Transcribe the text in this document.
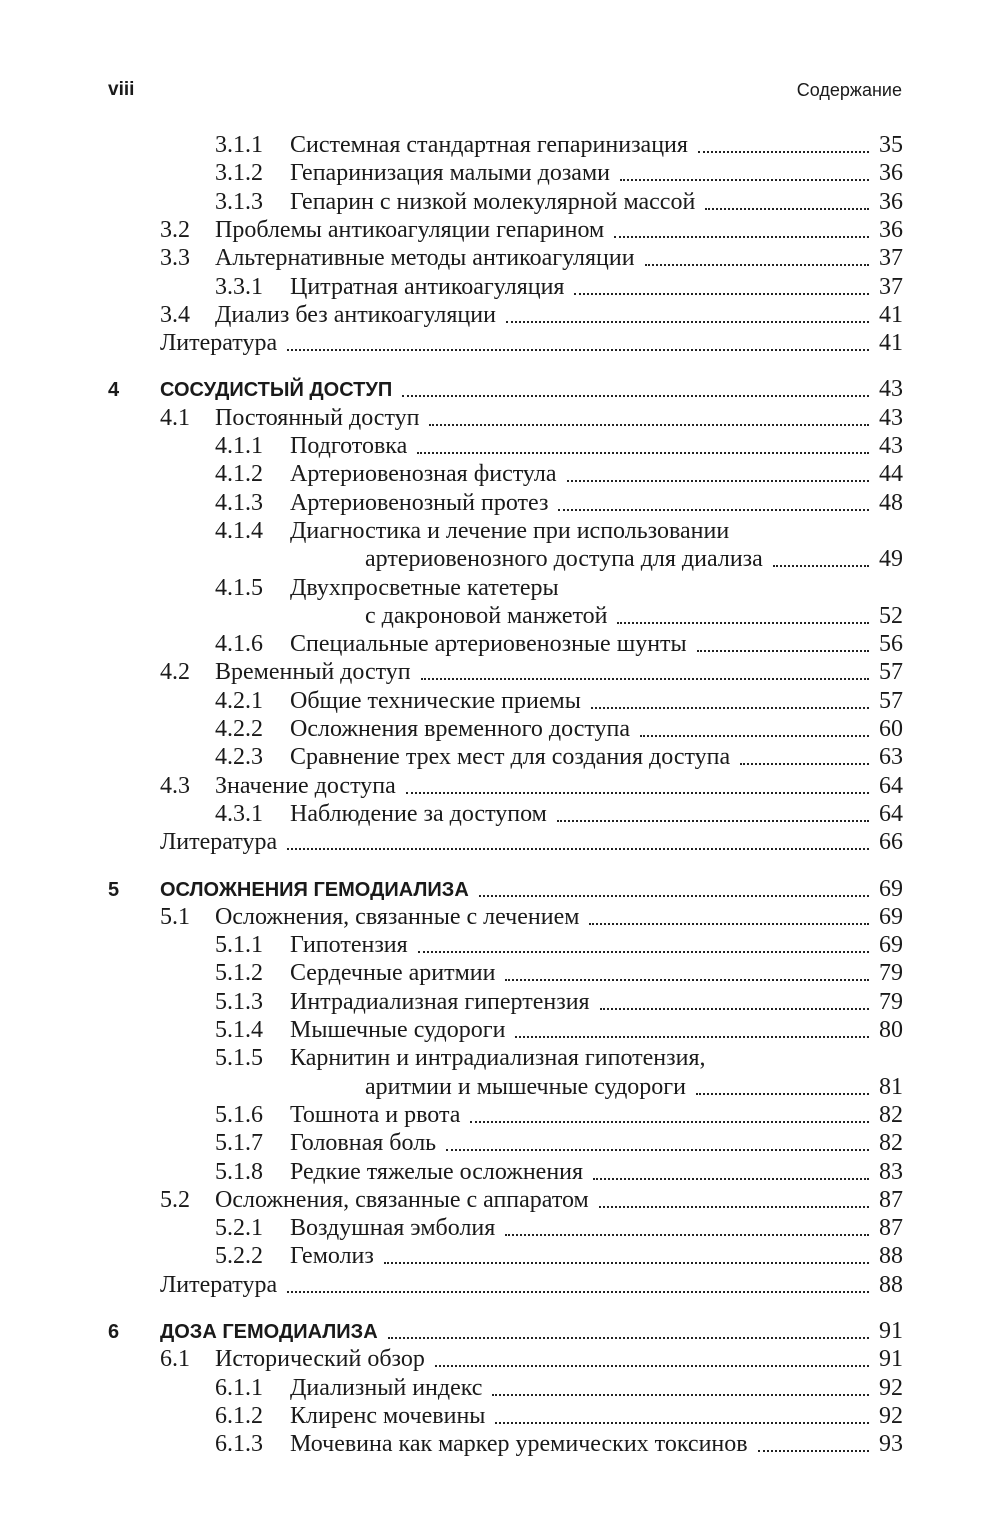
viii	Содержание
3.1.1	Системная стандартная гепаринизация	35
3.1.2	Гепаринизация малыми дозами	36
3.1.3	Гепарин с низкой молекулярной массой	36
3.2	Проблемы антикоагуляции гепарином	36
3.3	Альтернативные методы антикоагуляции	37
3.3.1	Цитратная антикоагуляция	37
3.4	Диализ без антикоагуляции	41
Литература	41
4	СОСУДИСТЫЙ ДОСТУП	43
4.1	Постоянный доступ	43
4.1.1	Подготовка	43
4.1.2	Артериовенозная фистула	44
4.1.3	Артериовенозный протез	48
4.1.4	Диагностика и лечение при использовании
артериовенозного доступа для диализа	49
4.1.5	Двухпросветные катетеры
с дакроновой манжетой	52
4.1.6	Специальные артериовенозные шунты	56
4.2	Временный доступ	57
4.2.1	Общие технические приемы	57
4.2.2	Осложнения временного доступа	60
4.2.3	Сравнение трех мест для создания доступа	63
4.3	Значение доступа	64
4.3.1	Наблюдение за доступом	64
Литература	66
5	ОСЛОЖНЕНИЯ ГЕМОДИАЛИЗА	69
5.1	Осложнения, связанные с лечением	69
5.1.1	Гипотензия	69
5.1.2	Сердечные аритмии	79
5.1.3	Интрадиализная гипертензия	79
5.1.4	Мышечные судороги	80
5.1.5	Карнитин и интрадиализная гипотензия,
аритмии и мышечные судороги	81
5.1.6	Тошнота и рвота	82
5.1.7	Головная боль	82
5.1.8	Редкие тяжелые осложнения	83
5.2	Осложнения, связанные с аппаратом	87
5.2.1	Воздушная эмболия	87
5.2.2	Гемолиз	88
Литература	88
6	ДОЗА ГЕМОДИАЛИЗА	91
6.1	Исторический обзор	91
6.1.1	Диализный индекс	92
6.1.2	Клиренс мочевины	92
6.1.3	Мочевина как маркер уремических токсинов	93
